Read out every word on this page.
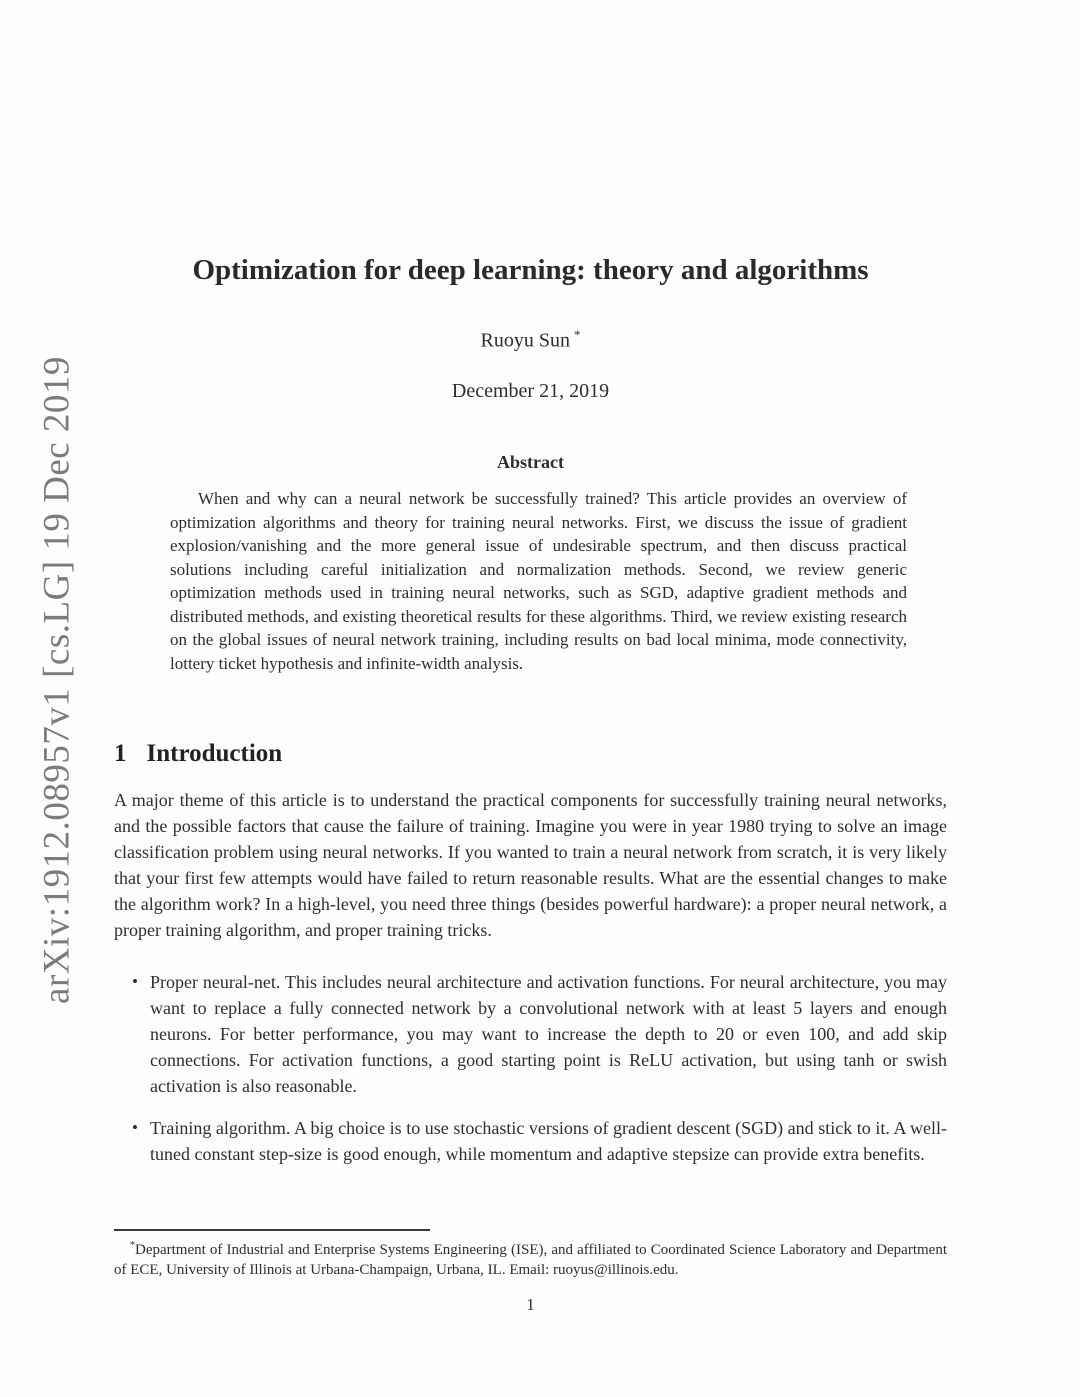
arXiv:1912.08957v1 [cs.LG] 19 Dec 2019
Optimization for deep learning: theory and algorithms
Ruoyu Sun *
December 21, 2019
Abstract
When and why can a neural network be successfully trained? This article provides an overview of optimization algorithms and theory for training neural networks. First, we discuss the issue of gradient explosion/vanishing and the more general issue of undesirable spectrum, and then discuss practical solutions including careful initialization and normalization methods. Second, we review generic optimization methods used in training neural networks, such as SGD, adaptive gradient methods and distributed methods, and existing theoretical results for these algorithms. Third, we review existing research on the global issues of neural network training, including results on bad local minima, mode connectivity, lottery ticket hypothesis and infinite-width analysis.
1 Introduction

A major theme of this article is to understand the practical components for successfully training neural networks, and the possible factors that cause the failure of training. Imagine you were in year 1980 trying to solve an image classification problem using neural networks. If you wanted to train a neural network from scratch, it is very likely that your first few attempts would have failed to return reasonable results. What are the essential changes to make the algorithm work? In a high-level, you need three things (besides powerful hardware): a proper neural network, a proper training algorithm, and proper training tricks.

• Proper neural-net. This includes neural architecture and activation functions. For neural architecture, you may want to replace a fully connected network by a convolutional network with at least 5 layers and enough neurons. For better performance, you may want to increase the depth to 20 or even 100, and add skip connections. For activation functions, a good starting point is ReLU activation, but using tanh or swish activation is also reasonable.
• Training algorithm. A big choice is to use stochastic versions of gradient descent (SGD) and stick to it. A well-tuned constant step-size is good enough, while momentum and adaptive stepsize can provide extra benefits.
*Department of Industrial and Enterprise Systems Engineering (ISE), and affiliated to Coordinated Science Laboratory and Department of ECE, University of Illinois at Urbana-Champaign, Urbana, IL. Email: ruoyus@illinois.edu.
1
